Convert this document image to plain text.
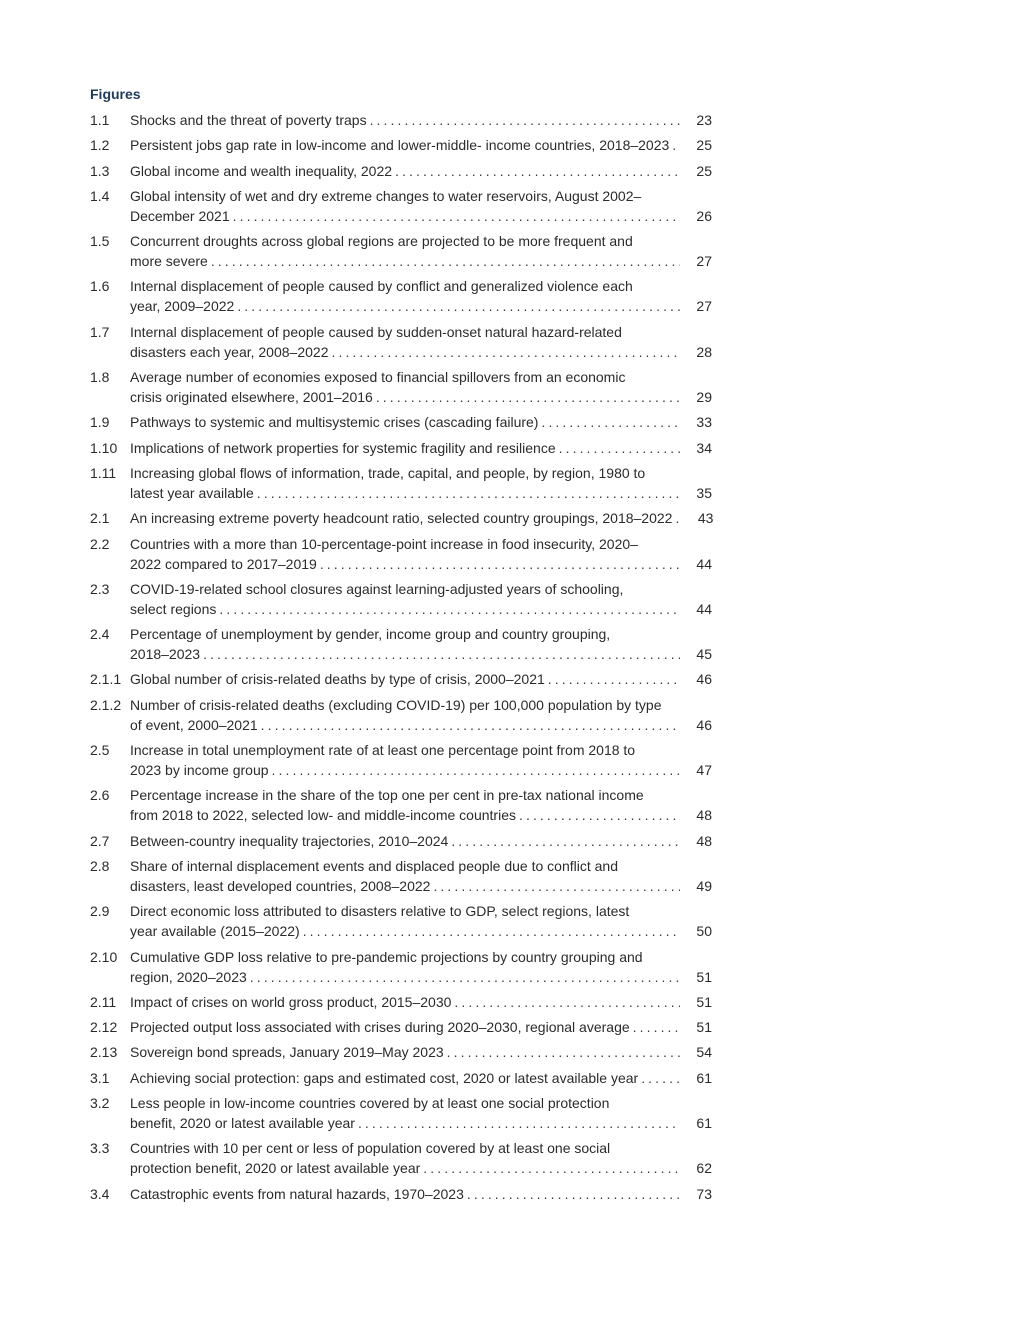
Figures
1.1	Shocks and the threat of poverty traps . . .	23
1.2	Persistent jobs gap rate in low-income and lower-middle- income countries, 2018–2023 . . .	25
1.3	Global income and wealth inequality, 2022 . . .	25
1.4	Global intensity of wet and dry extreme changes to water reservoirs, August 2002–
December 2021 . . .	26
1.5	Concurrent droughts across global regions are projected to be more frequent and
more severe . . .	27
1.6	Internal displacement of people caused by conflict and generalized violence each
year, 2009–2022 . . .	27
1.7	Internal displacement of people caused by sudden-onset natural hazard-related
disasters each year, 2008–2022 . . .	28
1.8	Average number of economies exposed to financial spillovers from an economic
crisis originated elsewhere, 2001–2016 . . .	29
1.9	Pathways to systemic and multisystemic crises (cascading failure) . . .	33
1.10 Implications of network properties for systemic fragility and resilience . . .	34
1.11 Increasing global flows of information, trade, capital, and people, by region, 1980 to
latest year available . . .	35
2.1	An increasing extreme poverty headcount ratio, selected country groupings, 2018–2022 . . .	43
2.2	Countries with a more than 10-percentage-point increase in food insecurity, 2020–
2022 compared to 2017–2019 . . .	44
2.3	COVID-19-related school closures against learning-adjusted years of schooling,
select regions . . .	44
2.4	Percentage of unemployment by gender, income group and country grouping,
2018–2023 . . .	45
2.1.1 Global number of crisis-related deaths by type of crisis, 2000–2021 . . .	46
2.1.2 Number of crisis-related deaths (excluding COVID-19) per 100,000 population by type
of event, 2000–2021 . . .	46
2.5	Increase in total unemployment rate of at least one percentage point from 2018 to
2023 by income group . . .	47
2.6	Percentage increase in the share of the top one per cent in pre-tax national income
from 2018 to 2022, selected low- and middle-income countries . . .	48
2.7	Between-country inequality trajectories, 2010–2024 . . .	48
2.8	Share of internal displacement events and displaced people due to conflict and
disasters, least developed countries, 2008–2022 . . .	49
2.9	Direct economic loss attributed to disasters relative to GDP, select regions, latest
year available (2015–2022) . . .	50
2.10 Cumulative GDP loss relative to pre-pandemic projections by country grouping and
region, 2020–2023 . . .	51
2.11 Impact of crises on world gross product, 2015–2030 . . .	51
2.12 Projected output loss associated with crises during 2020–2030, regional average . . .	51
2.13 Sovereign bond spreads, January 2019–May 2023 . . .	54
3.1	Achieving social protection: gaps and estimated cost, 2020 or latest available year . . .	61
3.2	Less people in low-income countries covered by at least one social protection
benefit, 2020 or latest available year . . .	61
3.3	Countries with 10 per cent or less of population covered by at least one social
protection benefit, 2020 or latest available year . . .	62
3.4	Catastrophic events from natural hazards, 1970–2023 . . .	73
